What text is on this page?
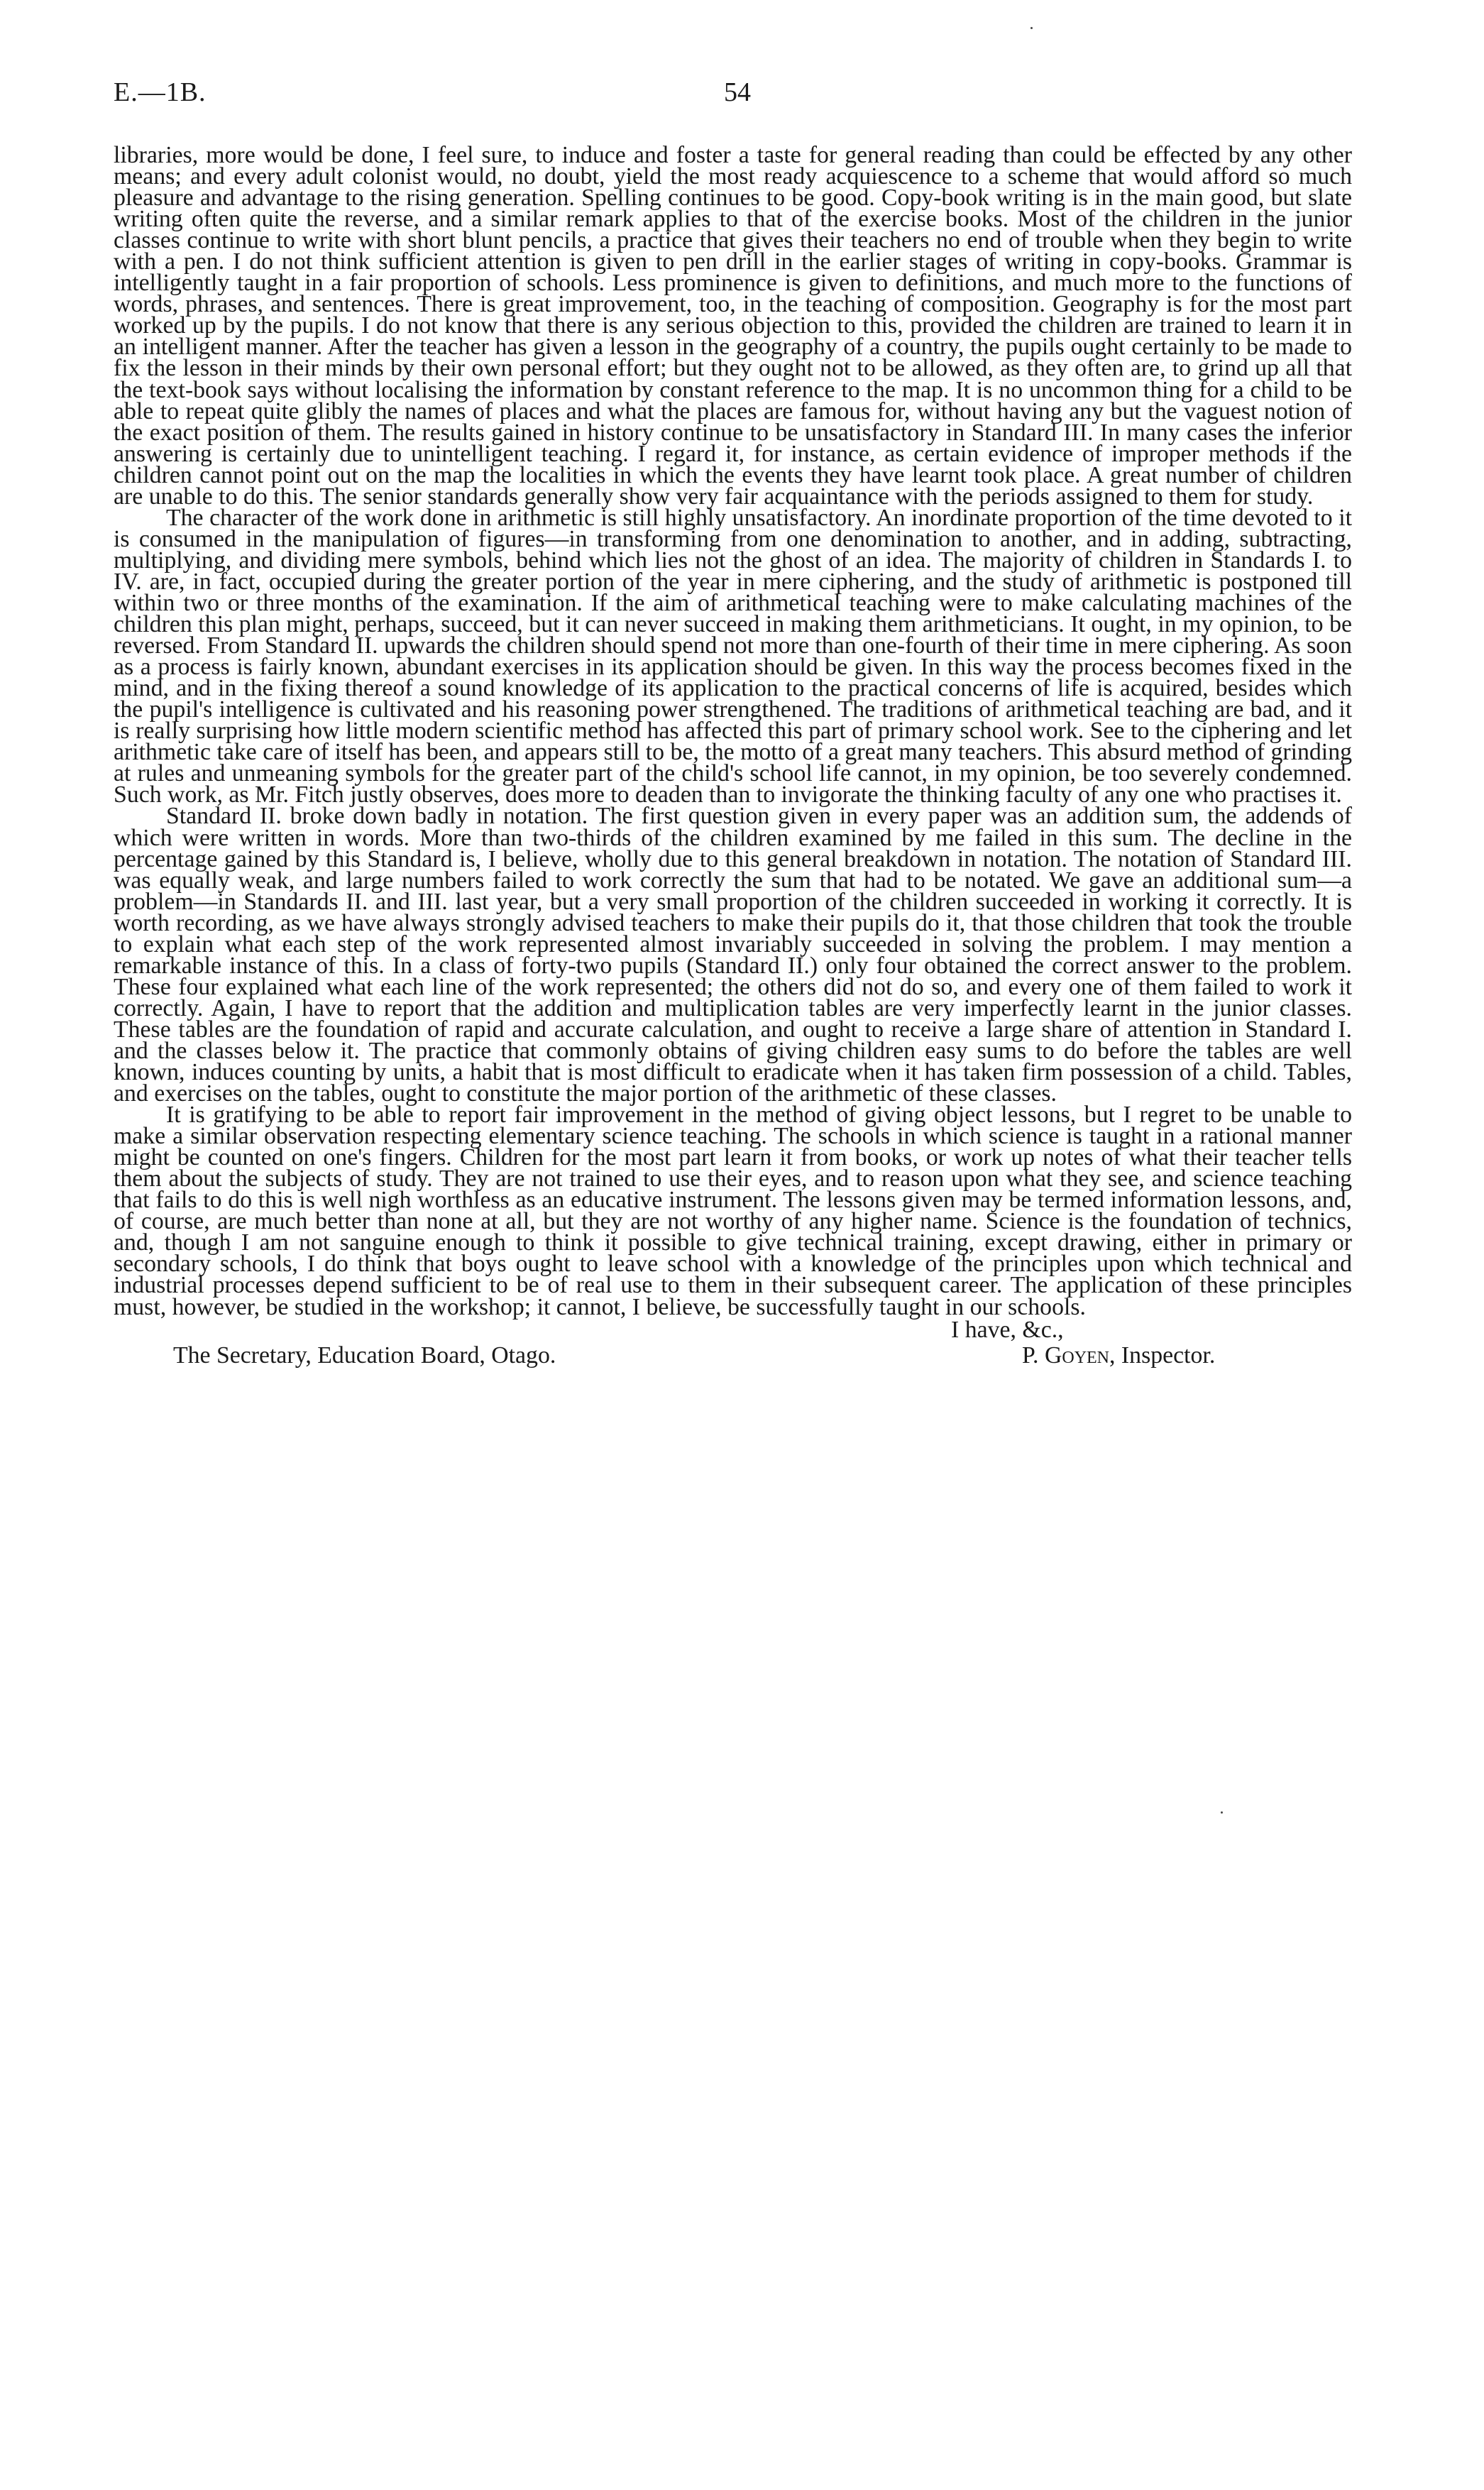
E.—1B.	54

libraries, more would be done, I feel sure, to induce and foster a taste for general reading than could be effected by any other means; and every adult colonist would, no doubt, yield the most ready acquiescence to a scheme that would afford so much pleasure and advantage to the rising generation. Spelling continues to be good. Copy-book writing is in the main good, but slate writing often quite the reverse, and a similar remark applies to that of the exercise books. Most of the children in the junior classes continue to write with short blunt pencils, a practice that gives their teachers no end of trouble when they begin to write with a pen. I do not think sufficient attention is given to pen drill in the earlier stages of writing in copy-books. Grammar is intelligently taught in a fair proportion of schools. Less prominence is given to definitions, and much more to the functions of words, phrases, and sentences. There is great improvement, too, in the teaching of composition. Geography is for the most part worked up by the pupils. I do not know that there is any serious objection to this, provided the children are trained to learn it in an intelligent manner. After the teacher has given a lesson in the geography of a country, the pupils ought certainly to be made to fix the lesson in their minds by their own personal effort; but they ought not to be allowed, as they often are, to grind up all that the text-book says without localising the information by constant reference to the map. It is no uncommon thing for a child to be able to repeat quite glibly the names of places and what the places are famous for, without having any but the vaguest notion of the exact position of them. The results gained in history continue to be unsatisfactory in Standard III. In many cases the inferior answering is certainly due to unintelligent teaching. I regard it, for instance, as certain evidence of improper methods if the children cannot point out on the map the localities in which the events they have learnt took place. A great number of children are unable to do this. The senior standards generally show very fair acquaintance with the periods assigned to them for study.

The character of the work done in arithmetic is still highly unsatisfactory. An inordinate proportion of the time devoted to it is consumed in the manipulation of figures—in transforming from one denomination to another, and in adding, subtracting, multiplying, and dividing mere symbols, behind which lies not the ghost of an idea. The majority of children in Standards I. to IV. are, in fact, occupied during the greater portion of the year in mere ciphering, and the study of arithmetic is postponed till within two or three months of the examination. If the aim of arithmetical teaching were to make calculating machines of the children this plan might, perhaps, succeed, but it can never succeed in making them arithmeticians. It ought, in my opinion, to be reversed. From Standard II. upwards the children should spend not more than one-fourth of their time in mere ciphering. As soon as a process is fairly known, abundant exercises in its application should be given. In this way the process becomes fixed in the mind, and in the fixing thereof a sound knowledge of its application to the practical concerns of life is acquired, besides which the pupil's intelligence is cultivated and his reasoning power strengthened. The traditions of arithmetical teaching are bad, and it is really surprising how little modern scientific method has affected this part of primary school work. See to the ciphering and let arithmetic take care of itself has been, and appears still to be, the motto of a great many teachers. This absurd method of grinding at rules and unmeaning symbols for the greater part of the child's school life cannot, in my opinion, be too severely condemned. Such work, as Mr. Fitch justly observes, does more to deaden than to invigorate the thinking faculty of any one who practises it.

Standard II. broke down badly in notation. The first question given in every paper was an addition sum, the addends of which were written in words. More than two-thirds of the children examined by me failed in this sum. The decline in the percentage gained by this Standard is, I believe, wholly due to this general breakdown in notation. The notation of Standard III. was equally weak, and large numbers failed to work correctly the sum that had to be notated. We gave an additional sum—a problem—in Standards II. and III. last year, but a very small proportion of the children succeeded in working it correctly. It is worth recording, as we have always strongly advised teachers to make their pupils do it, that those children that took the trouble to explain what each step of the work represented almost invariably succeeded in solving the problem. I may mention a remarkable instance of this. In a class of forty-two pupils (Standard II.) only four obtained the correct answer to the problem. These four explained what each line of the work represented; the others did not do so, and every one of them failed to work it correctly. Again, I have to report that the addition and multiplication tables are very imperfectly learnt in the junior classes. These tables are the foundation of rapid and accurate calculation, and ought to receive a large share of attention in Standard I. and the classes below it. The practice that commonly obtains of giving children easy sums to do before the tables are well known, induces counting by units, a habit that is most difficult to eradicate when it has taken firm possession of a child. Tables, and exercises on the tables, ought to constitute the major portion of the arithmetic of these classes.

It is gratifying to be able to report fair improvement in the method of giving object lessons, but I regret to be unable to make a similar observation respecting elementary science teaching. The schools in which science is taught in a rational manner might be counted on one's fingers. Children for the most part learn it from books, or work up notes of what their teacher tells them about the subjects of study. They are not trained to use their eyes, and to reason upon what they see, and science teaching that fails to do this is well nigh worthless as an educative instrument. The lessons given may be termed information lessons, and, of course, are much better than none at all, but they are not worthy of any higher name. Science is the foundation of technics, and, though I am not sanguine enough to think it possible to give technical training, except drawing, either in primary or secondary schools, I do think that boys ought to leave school with a knowledge of the principles upon which technical and industrial processes depend sufficient to be of real use to them in their subsequent career. The application of these principles must, however, be studied in the workshop; it cannot, I believe, be successfully taught in our schools.

I have, &c.,
The Secretary, Education Board, Otago.	P. Goyen, Inspector.
